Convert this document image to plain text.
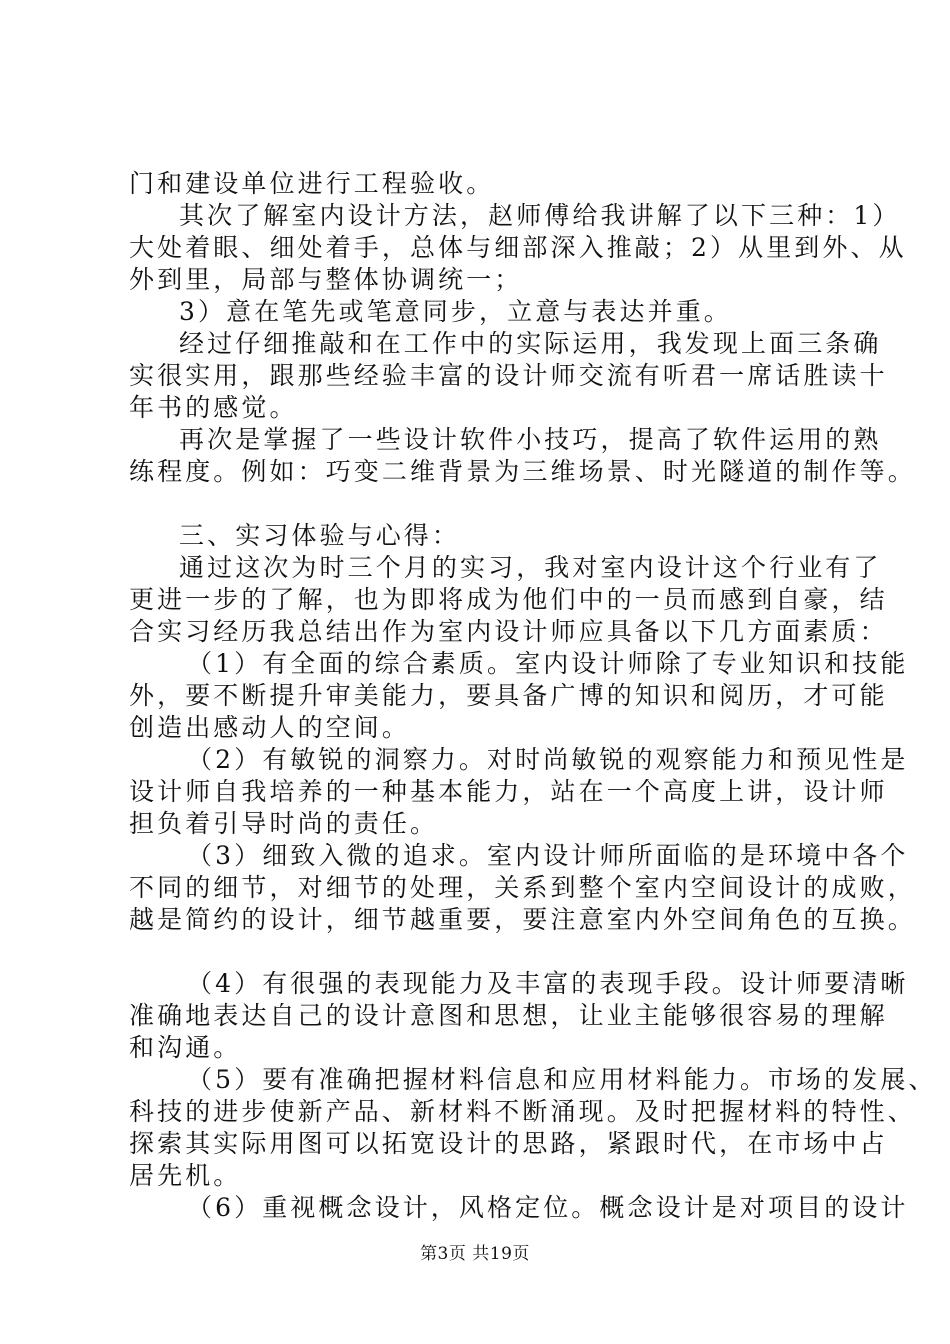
门和建设单位进行工程验收。

其次了解室内设计方法，赵师傅给我讲解了以下三种：1）

大处着眼、细处着手，总体与细部深入推敲；2）从里到外、从

外到里，局部与整体协调统一；

3）意在笔先或笔意同步，立意与表达并重。

经过仔细推敲和在工作中的实际运用，我发现上面三条确

实很实用，跟那些经验丰富的设计师交流有听君一席话胜读十

年书的感觉。

再次是掌握了一些设计软件小技巧，提高了软件运用的熟

练程度。例如：巧变二维背景为三维场景、时光隧道的制作等。

三、实习体验与心得：

通过这次为时三个月的实习，我对室内设计这个行业有了

更进一步的了解，也为即将成为他们中的一员而感到自豪，结

合实习经历我总结出作为室内设计师应具备以下几方面素质：

（1）有全面的综合素质。室内设计师除了专业知识和技能

外，要不断提升审美能力，要具备广博的知识和阅历，才可能

创造出感动人的空间。

（2）有敏锐的洞察力。对时尚敏锐的观察能力和预见性是

设计师自我培养的一种基本能力，站在一个高度上讲，设计师

担负着引导时尚的责任。

（3）细致入微的追求。室内设计师所面临的是环境中各个

不同的细节，对细节的处理，关系到整个室内空间设计的成败，

越是简约的设计，细节越重要，要注意室内外空间角色的互换。

（4）有很强的表现能力及丰富的表现手段。设计师要清晰

准确地表达自己的设计意图和思想，让业主能够很容易的理解

和沟通。

（5）要有准确把握材料信息和应用材料能力。市场的发展、

科技的进步使新产品、新材料不断涌现。及时把握材料的特性、

探索其实际用图可以拓宽设计的思路，紧跟时代，在市场中占

居先机。

（6）重视概念设计，风格定位。概念设计是对项目的设计

第3页 共19页
